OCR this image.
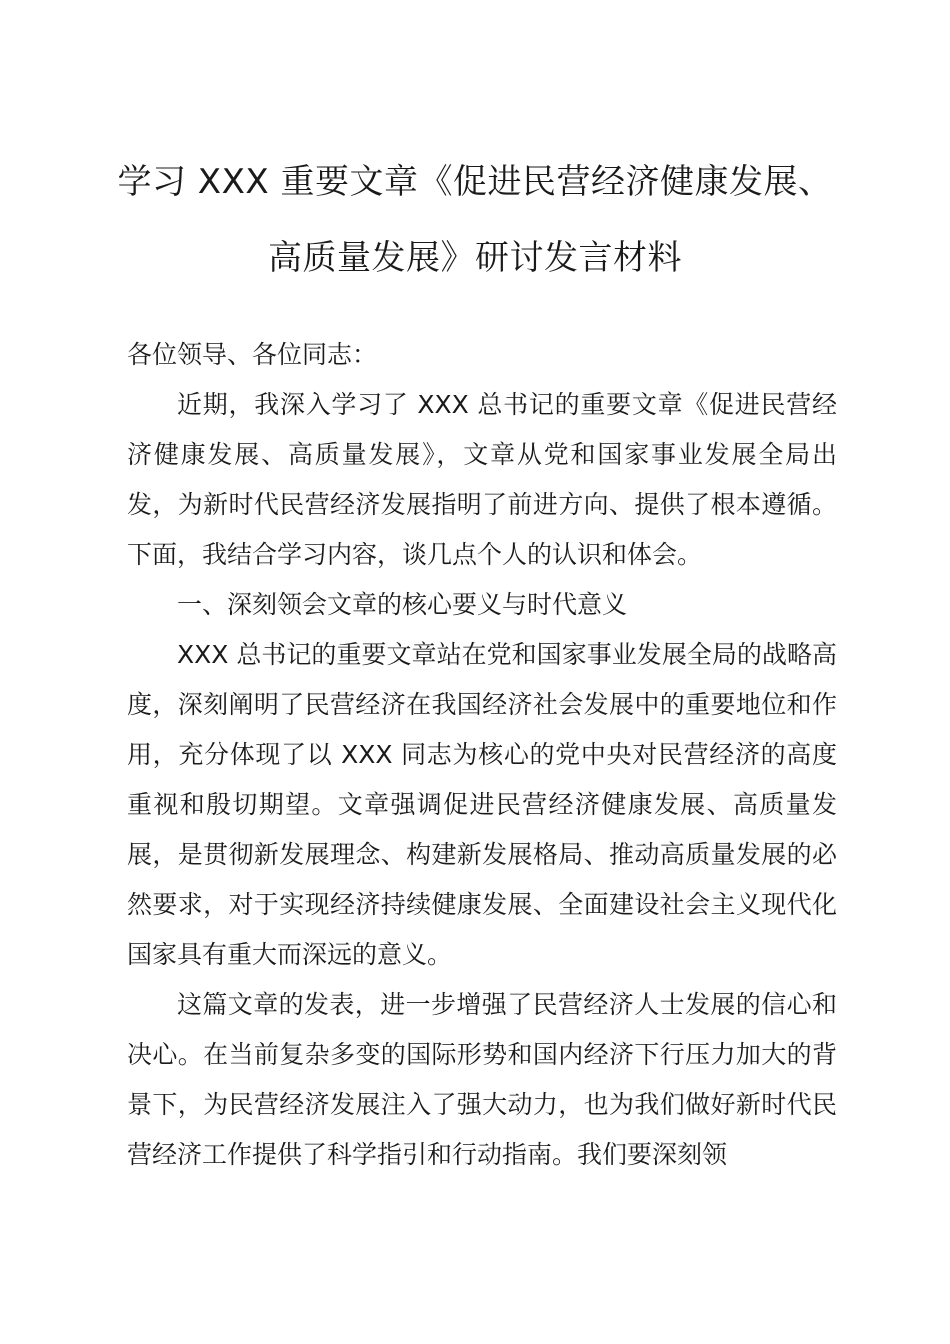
学习 XXX 重要文章《促进民营经济健康发展、
高质量发展》研讨发言材料
各位领导、各位同志：

近期，我深入学习了 XXX 总书记的重要文章《促进民营经济健康发展、高质量发展》，文章从党和国家事业发展全局出发，为新时代民营经济发展指明了前进方向、提供了根本遵循。下面，我结合学习内容，谈几点个人的认识和体会。

一、深刻领会文章的核心要义与时代意义

XXX 总书记的重要文章站在党和国家事业发展全局的战略高度，深刻阐明了民营经济在我国经济社会发展中的重要地位和作用，充分体现了以 XXX 同志为核心的党中央对民营经济的高度重视和殷切期望。文章强调促进民营经济健康发展、高质量发展，是贯彻新发展理念、构建新发展格局、推动高质量发展的必然要求，对于实现经济持续健康发展、全面建设社会主义现代化国家具有重大而深远的意义。

这篇文章的发表，进一步增强了民营经济人士发展的信心和决心。在当前复杂多变的国际形势和国内经济下行压力加大的背景下，为民营经济发展注入了强大动力，也为我们做好新时代民营经济工作提供了科学指引和行动指南。我们要深刻领
